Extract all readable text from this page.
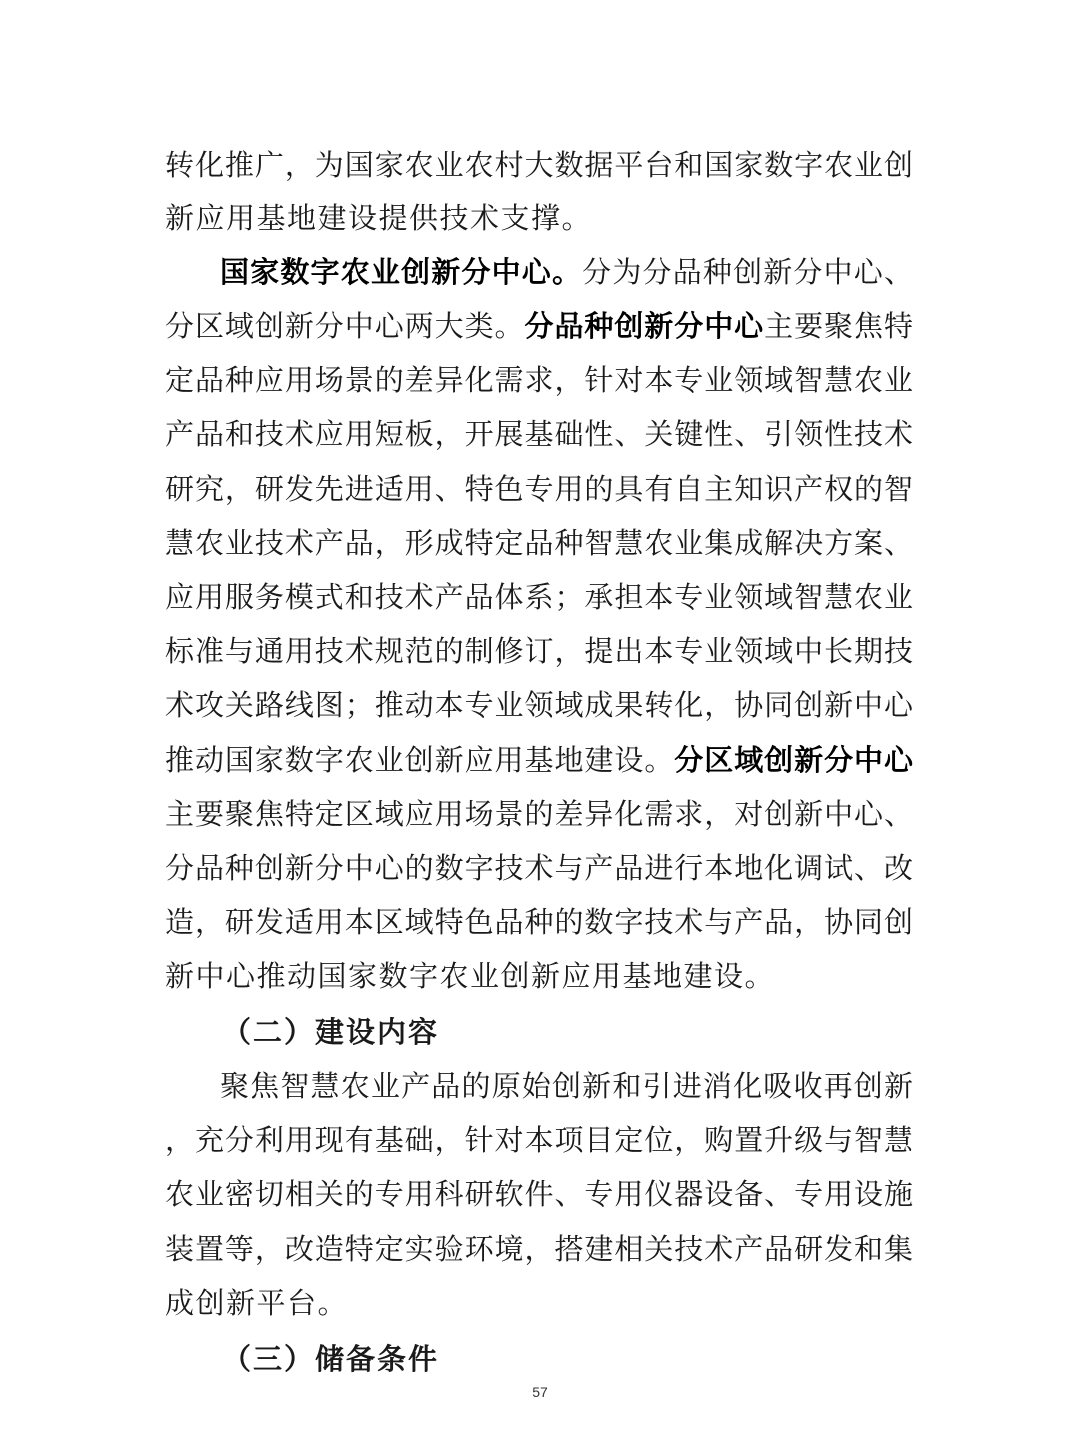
转化推广，为国家农业农村大数据平台和国家数字农业创
新应用基地建设提供技术支撑。
国家数字农业创新分中心。分为分品种创新分中心、
分区域创新分中心两大类。分品种创新分中心主要聚焦特
定品种应用场景的差异化需求，针对本专业领域智慧农业
产品和技术应用短板，开展基础性、关键性、引领性技术
研究，研发先进适用、特色专用的具有自主知识产权的智
慧农业技术产品，形成特定品种智慧农业集成解决方案、
应用服务模式和技术产品体系；承担本专业领域智慧农业
标准与通用技术规范的制修订，提出本专业领域中长期技
术攻关路线图；推动本专业领域成果转化，协同创新中心
推动国家数字农业创新应用基地建设。分区域创新分中心
主要聚焦特定区域应用场景的差异化需求，对创新中心、
分品种创新分中心的数字技术与产品进行本地化调试、改
造，研发适用本区域特色品种的数字技术与产品，协同创
新中心推动国家数字农业创新应用基地建设。
（二）建设内容
聚焦智慧农业产品的原始创新和引进消化吸收再创新
，充分利用现有基础，针对本项目定位，购置升级与智慧
农业密切相关的专用科研软件、专用仪器设备、专用设施
装置等，改造特定实验环境，搭建相关技术产品研发和集
成创新平台。
（三）储备条件
57
